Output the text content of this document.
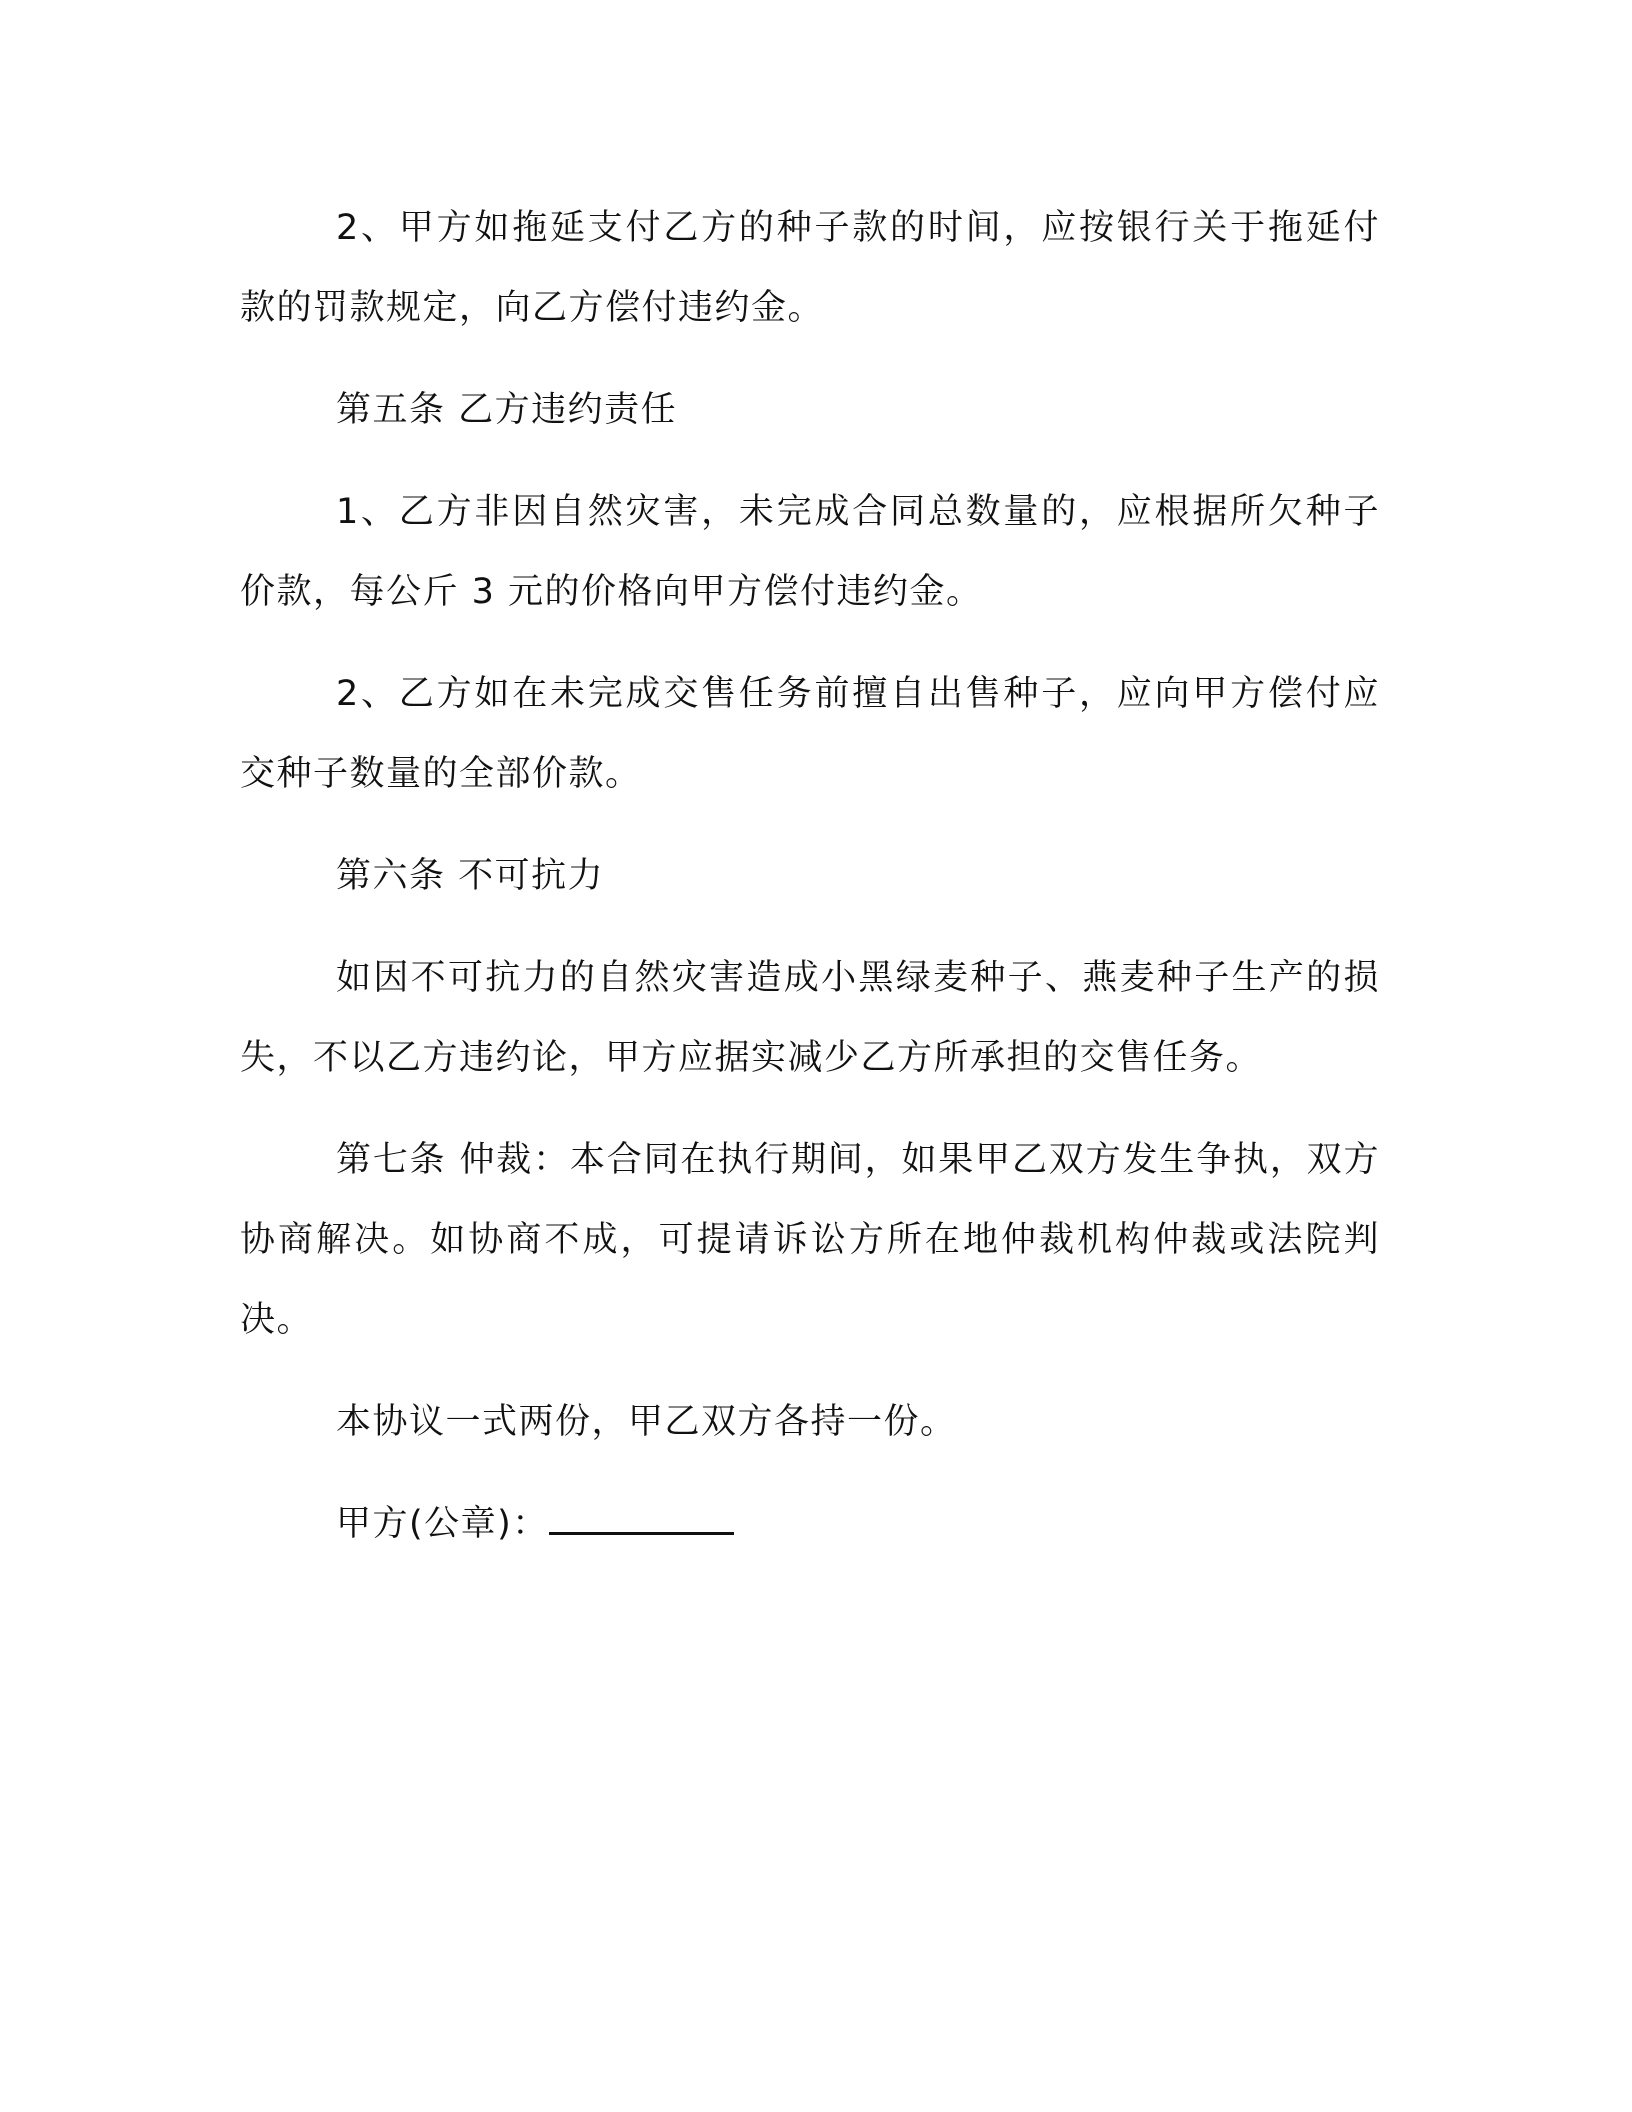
2、甲方如拖延支付乙方的种子款的时间，应按银行关于拖延付款的罚款规定，向乙方偿付违约金。

第五条 乙方违约责任

1、乙方非因自然灾害，未完成合同总数量的，应根据所欠种子价款，每公斤 3 元的价格向甲方偿付违约金。

2、乙方如在未完成交售任务前擅自出售种子，应向甲方偿付应交种子数量的全部价款。

第六条 不可抗力

如因不可抗力的自然灾害造成小黑绿麦种子、燕麦种子生产的损失，不以乙方违约论，甲方应据实减少乙方所承担的交售任务。

第七条 仲裁：本合同在执行期间，如果甲乙双方发生争执，双方协商解决。如协商不成，可提请诉讼方所在地仲裁机构仲裁或法院判决。

本协议一式两份，甲乙双方各持一份。

甲方(公章)：
